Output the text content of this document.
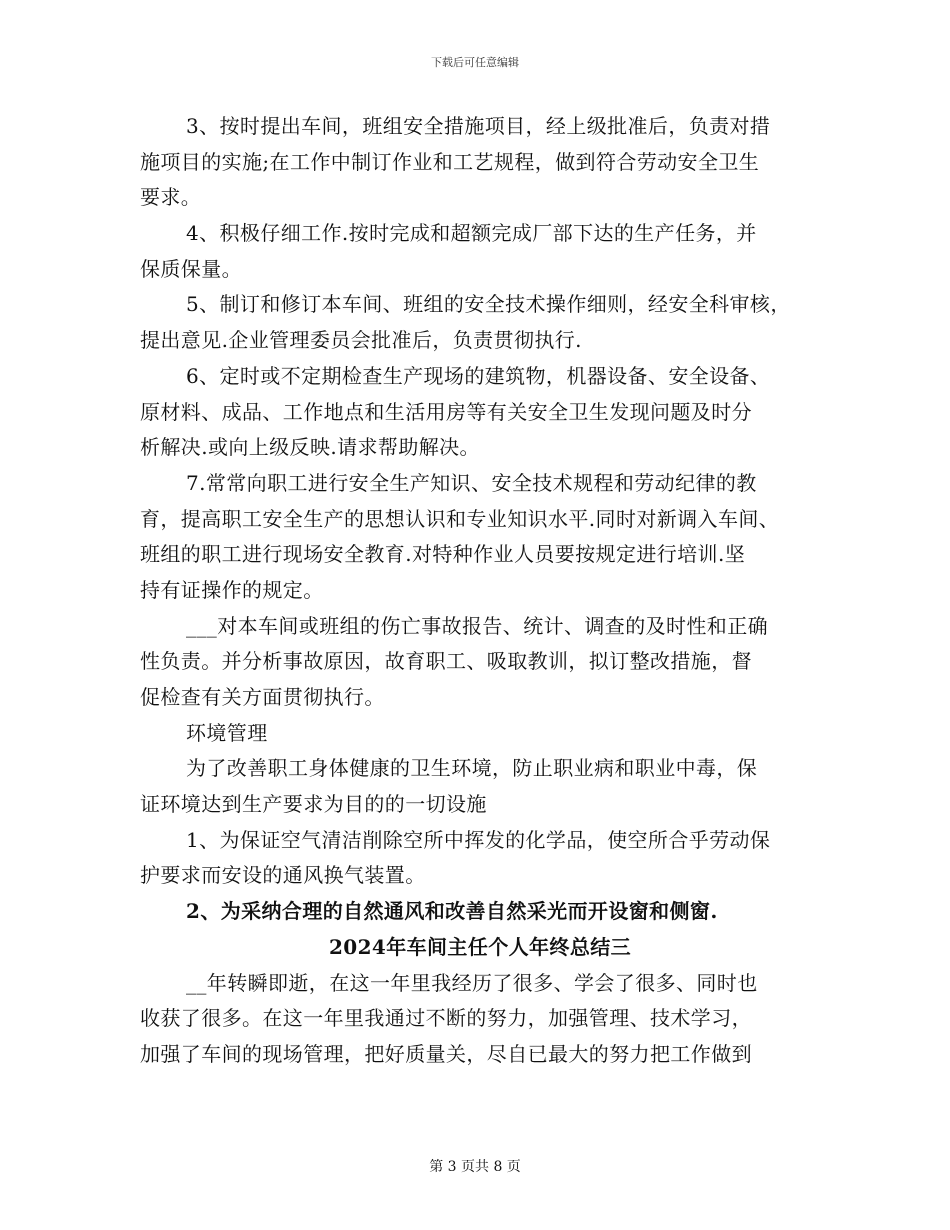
下载后可任意编辑
3、按时提出车间，班组安全措施项目，经上级批准后，负责对措
施项目的实施;在工作中制订作业和工艺规程，做到符合劳动安全卫生
要求。
4、积极仔细工作.按时完成和超额完成厂部下达的生产任务，并
保质保量。
5、制订和修订本车间、班组的安全技术操作细则，经安全科审核，
提出意见.企业管理委员会批准后，负责贯彻执行.
6、定时或不定期检查生产现场的建筑物，机器设备、安全设备、
原材料、成品、工作地点和生活用房等有关安全卫生发现问题及时分
析解决.或向上级反映.请求帮助解决。
7.常常向职工进行安全生产知识、安全技术规程和劳动纪律的教
育，提高职工安全生产的思想认识和专业知识水平.同时对新调入车间、
班组的职工进行现场安全教育.对特种作业人员要按规定进行培训.坚
持有证操作的规定。
___对本车间或班组的伤亡事故报告、统计、调查的及时性和正确
性负责。并分析事故原因，故育职工、吸取教训，拟订整改措施，督
促检查有关方面贯彻执行。
环境管理
为了改善职工身体健康的卫生环境，防止职业病和职业中毒，保
证环境达到生产要求为目的的一切设施
1、为保证空气清洁削除空所中挥发的化学品，使空所合乎劳动保
护要求而安设的通风换气装置。
2、为采纳合理的自然通风和改善自然采光而开设窗和侧窗.
2024年车间主任个人年终总结三
__年转瞬即逝，在这一年里我经历了很多、学会了很多、同时也
收获了很多。在这一年里我通过不断的努力，加强管理、技术学习，
加强了车间的现场管理，把好质量关，尽自已最大的努力把工作做到
第 3 页共 8 页
